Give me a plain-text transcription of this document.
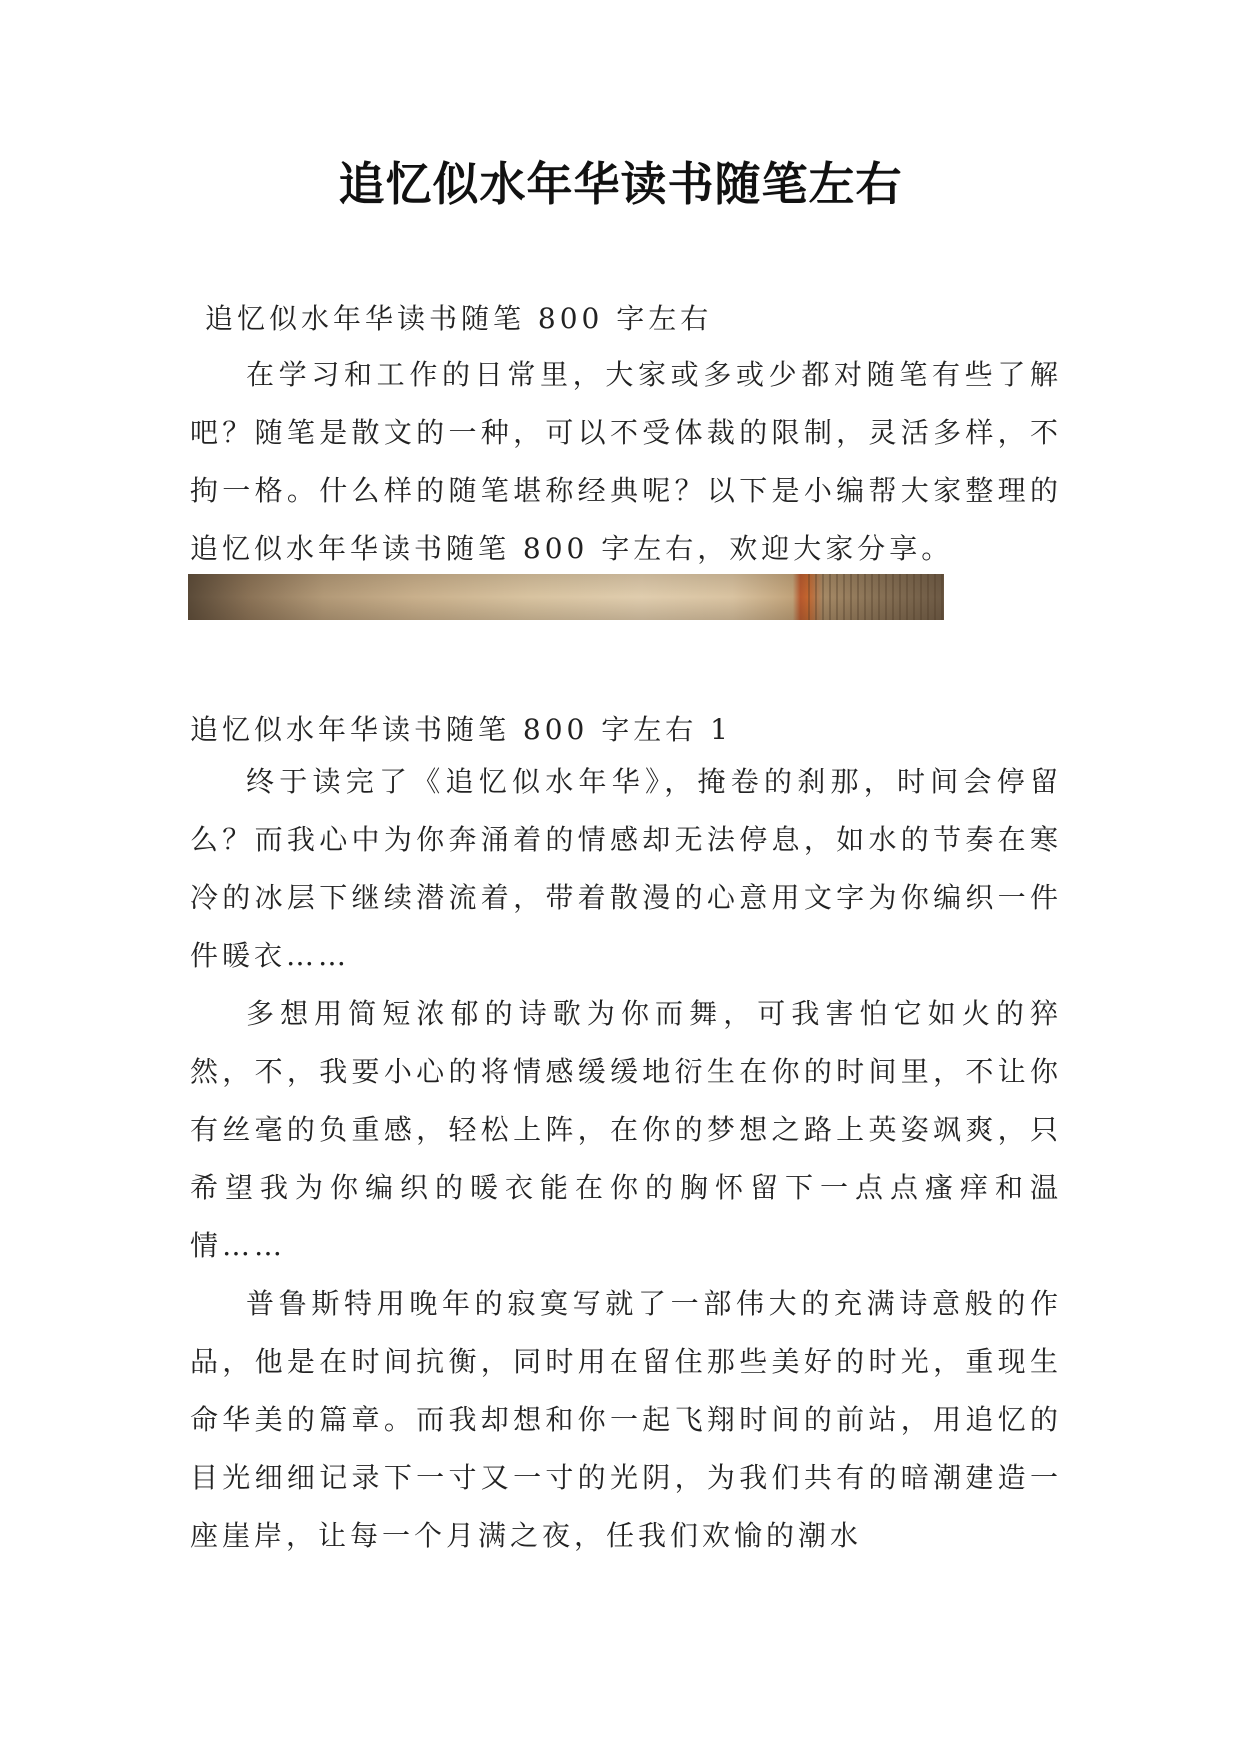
追忆似水年华读书随笔左右

追忆似水年华读书随笔 800 字左右

在学习和工作的日常里，大家或多或少都对随笔有些了解吧？随笔是散文的一种，可以不受体裁的限制，灵活多样，不拘一格。什么样的随笔堪称经典呢？以下是小编帮大家整理的追忆似水年华读书随笔 800 字左右，欢迎大家分享。

追忆似水年华读书随笔 800 字左右 1

终于读完了《追忆似水年华》，掩卷的刹那，时间会停留么？而我心中为你奔涌着的情感却无法停息，如水的节奏在寒冷的冰层下继续潜流着，带着散漫的心意用文字为你编织一件件暖衣……

多想用简短浓郁的诗歌为你而舞，可我害怕它如火的猝然，不，我要小心的将情感缓缓地衍生在你的时间里，不让你有丝毫的负重感，轻松上阵，在你的梦想之路上英姿飒爽，只希望我为你编织的暖衣能在你的胸怀留下一点点瘙痒和温情……

普鲁斯特用晚年的寂寞写就了一部伟大的充满诗意般的作品，他是在时间抗衡，同时用在留住那些美好的时光，重现生命华美的篇章。而我却想和你一起飞翔时间的前站，用追忆的目光细细记录下一寸又一寸的光阴，为我们共有的暗潮建造一座崖岸，让每一个月满之夜，任我们欢愉的潮水
